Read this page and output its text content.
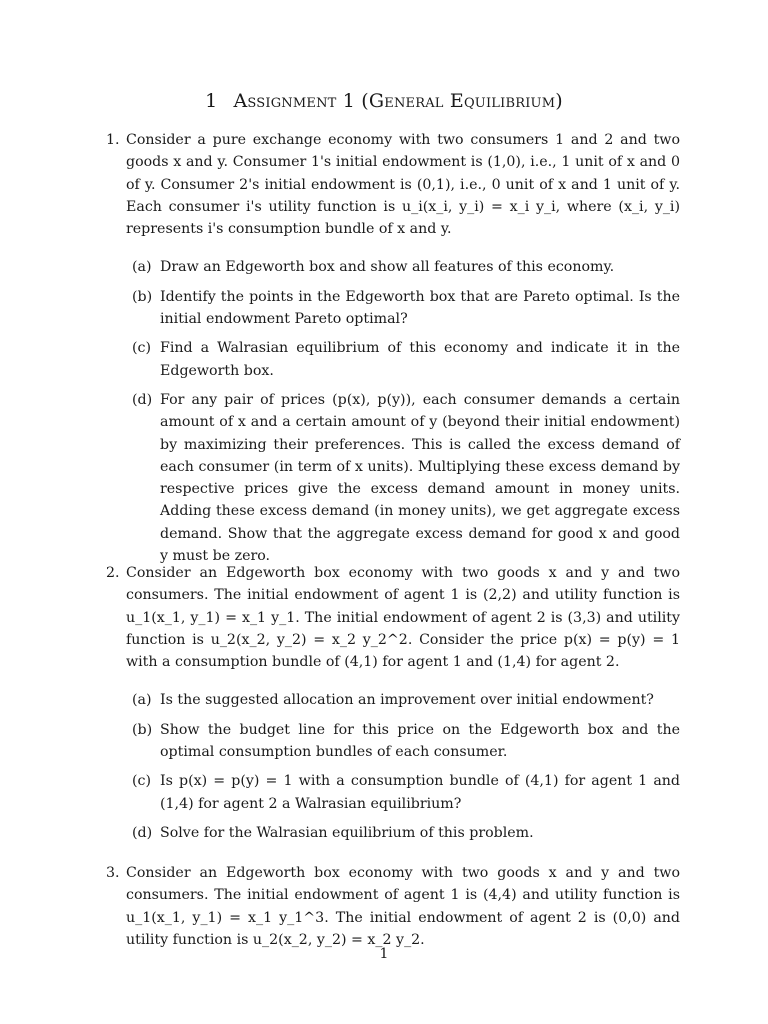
1 Assignment 1 (General Equilibrium)
1. Consider a pure exchange economy with two consumers 1 and 2 and two goods x and y. Consumer 1's initial endowment is (1,0), i.e., 1 unit of x and 0 of y. Consumer 2's initial endowment is (0,1), i.e., 0 unit of x and 1 unit of y. Each consumer i's utility function is u_i(x_i, y_i) = x_i y_i, where (x_i, y_i) represents i's consumption bundle of x and y.
(a) Draw an Edgeworth box and show all features of this economy.
(b) Identify the points in the Edgeworth box that are Pareto optimal. Is the initial endowment Pareto optimal?
(c) Find a Walrasian equilibrium of this economy and indicate it in the Edgeworth box.
(d) For any pair of prices (p(x), p(y)), each consumer demands a certain amount of x and a certain amount of y (beyond their initial endowment) by maximizing their preferences. This is called the excess demand of each consumer (in term of x units). Multiplying these excess demand by respective prices give the excess demand amount in money units. Adding these excess demand (in money units), we get aggregate excess demand. Show that the aggregate excess demand for good x and good y must be zero.
2. Consider an Edgeworth box economy with two goods x and y and two consumers. The initial endowment of agent 1 is (2,2) and utility function is u_1(x_1, y_1) = x_1 y_1. The initial endowment of agent 2 is (3,3) and utility function is u_2(x_2, y_2) = x_2 y_2^2. Consider the price p(x) = p(y) = 1 with a consumption bundle of (4,1) for agent 1 and (1,4) for agent 2.
(a) Is the suggested allocation an improvement over initial endowment?
(b) Show the budget line for this price on the Edgeworth box and the optimal consumption bundles of each consumer.
(c) Is p(x) = p(y) = 1 with a consumption bundle of (4,1) for agent 1 and (1,4) for agent 2 a Walrasian equilibrium?
(d) Solve for the Walrasian equilibrium of this problem.
3. Consider an Edgeworth box economy with two goods x and y and two consumers. The initial endowment of agent 1 is (4,4) and utility function is u_1(x_1, y_1) = x_1 y_1^3. The initial endowment of agent 2 is (0,0) and utility function is u_2(x_2, y_2) = x_2 y_2.
1
